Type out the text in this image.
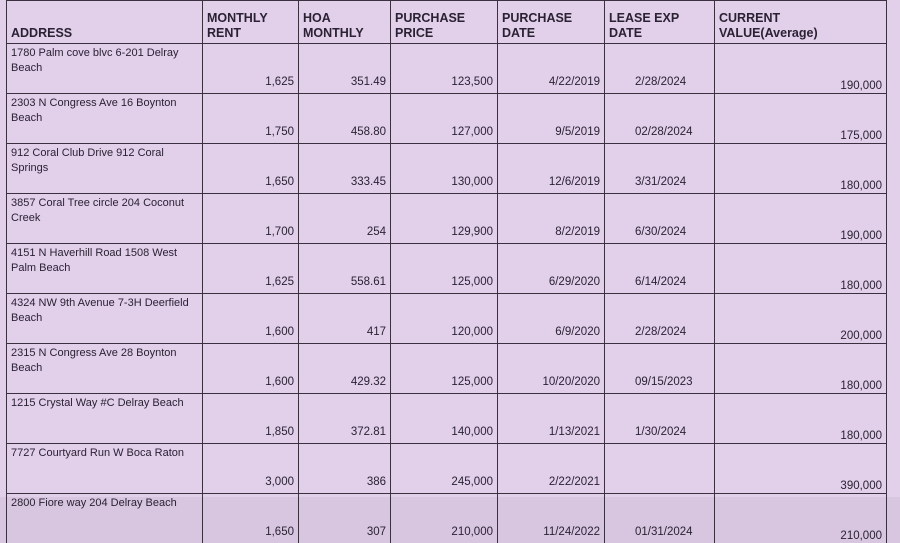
ADDRESS	MONTHLY RENT	HOA MONTHLY	PURCHASE PRICE	PURCHASE DATE	LEASE EXP DATE	CURRENT VALUE(Average)
1780 Palm cove blvc 6-201 Delray Beach	1,625	351.49	123,500	4/22/2019	2/28/2024	190,000
2303 N Congress Ave 16 Boynton Beach	1,750	458.80	127,000	9/5/2019	02/28/2024	175,000
912 Coral Club Drive 912 Coral Springs	1,650	333.45	130,000	12/6/2019	3/31/2024	180,000
3857 Coral Tree circle 204 Coconut Creek	1,700	254	129,900	8/2/2019	6/30/2024	190,000
4151 N Haverhill Road 1508 West Palm Beach	1,625	558.61	125,000	6/29/2020	6/14/2024	180,000
4324 NW 9th Avenue 7-3H Deerfield Beach	1,600	417	120,000	6/9/2020	2/28/2024	200,000
2315 N Congress Ave 28 Boynton Beach	1,600	429.32	125,000	10/20/2020	09/15/2023	180,000
1215 Crystal Way #C Delray Beach	1,850	372.81	140,000	1/13/2021	1/30/2024	180,000
7727 Courtyard Run W Boca Raton	3,000	386	245,000	2/22/2021		390,000
2800 Fiore way 204 Delray Beach	1,650	307	210,000	11/24/2022	01/31/2024	210,000
